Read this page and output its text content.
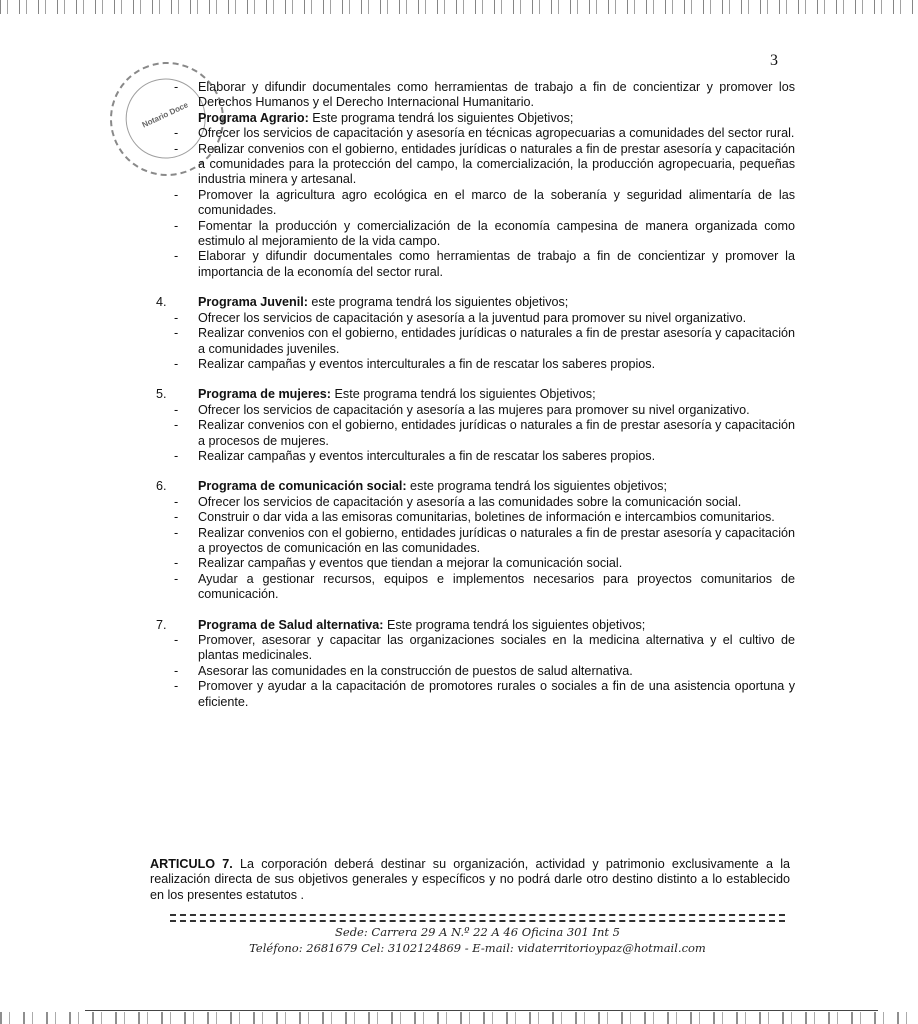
3
Notario Doce

- Elaborar y difundir documentales como herramientas de trabajo a fin de concientizar y promover los Derechos Humanos y el Derecho Internacional Humanitario.

Programa Agrario: Este programa tendrá los siguientes Objetivos;

- Ofrecer los servicios de capacitación y asesoría en técnicas agropecuarias a comunidades del sector rural.

- Realizar convenios con el gobierno, entidades jurídicas o naturales a fin de prestar asesoría y capacitación a comunidades para la protección del campo, la comercialización, la producción agropecuaria, pequeñas industria minera y artesanal.

- Promover la agricultura agro ecológica en el marco de la soberanía y seguridad alimentaría de las comunidades.

- Fomentar la producción y comercialización de la economía campesina de manera organizada como estimulo al mejoramiento de la vida campo.

- Elaborar y difundir documentales como herramientas de trabajo a fin de concientizar y promover la importancia de la economía del sector rural.

4. Programa Juvenil: este programa tendrá los siguientes objetivos;

- Ofrecer los servicios de capacitación y asesoría a la juventud para promover su nivel organizativo.

- Realizar convenios con el gobierno, entidades jurídicas o naturales a fin de prestar asesoría y capacitación a comunidades juveniles.

- Realizar campañas y eventos interculturales a fin de rescatar los saberes propios.

5. Programa de mujeres: Este programa tendrá los siguientes Objetivos;

- Ofrecer los servicios de capacitación y asesoría a las mujeres para promover su nivel organizativo.

- Realizar convenios con el gobierno, entidades jurídicas o naturales a fin de prestar asesoría y capacitación a procesos de mujeres.

- Realizar campañas y eventos interculturales a fin de rescatar los saberes propios.

6. Programa de comunicación social: este programa tendrá los siguientes objetivos;

- Ofrecer los servicios de capacitación y asesoría a las comunidades sobre la comunicación social.

- Construir o dar vida a las emisoras comunitarias, boletines de información e intercambios comunitarios.

- Realizar convenios con el gobierno, entidades jurídicas o naturales a fin de prestar asesoría y capacitación a proyectos de comunicación en las comunidades.

- Realizar campañas y eventos que tiendan a mejorar la comunicación social.

- Ayudar a gestionar recursos, equipos e implementos necesarios para proyectos comunitarios de comunicación.

7. Programa de Salud alternativa: Este programa tendrá los siguientes objetivos;

- Promover, asesorar y capacitar las organizaciones sociales en la medicina alternativa y el cultivo de plantas medicinales.

- Asesorar las comunidades en la construcción de puestos de salud alternativa.

- Promover y ayudar a la capacitación de promotores rurales o sociales a fin de una asistencia oportuna y eficiente.

ARTICULO 7. La corporación deberá destinar su organización, actividad y patrimonio exclusivamente a la realización directa de sus objetivos generales y específicos y no podrá darle otro destino distinto a lo establecido en los presentes estatutos .
Sede: Carrera 29 A N.º 22 A 46 Oficina 301 Int 5
Teléfono: 2681679 Cel: 3102124869 - E-mail: vidaterritorioypaz@hotmail.com
